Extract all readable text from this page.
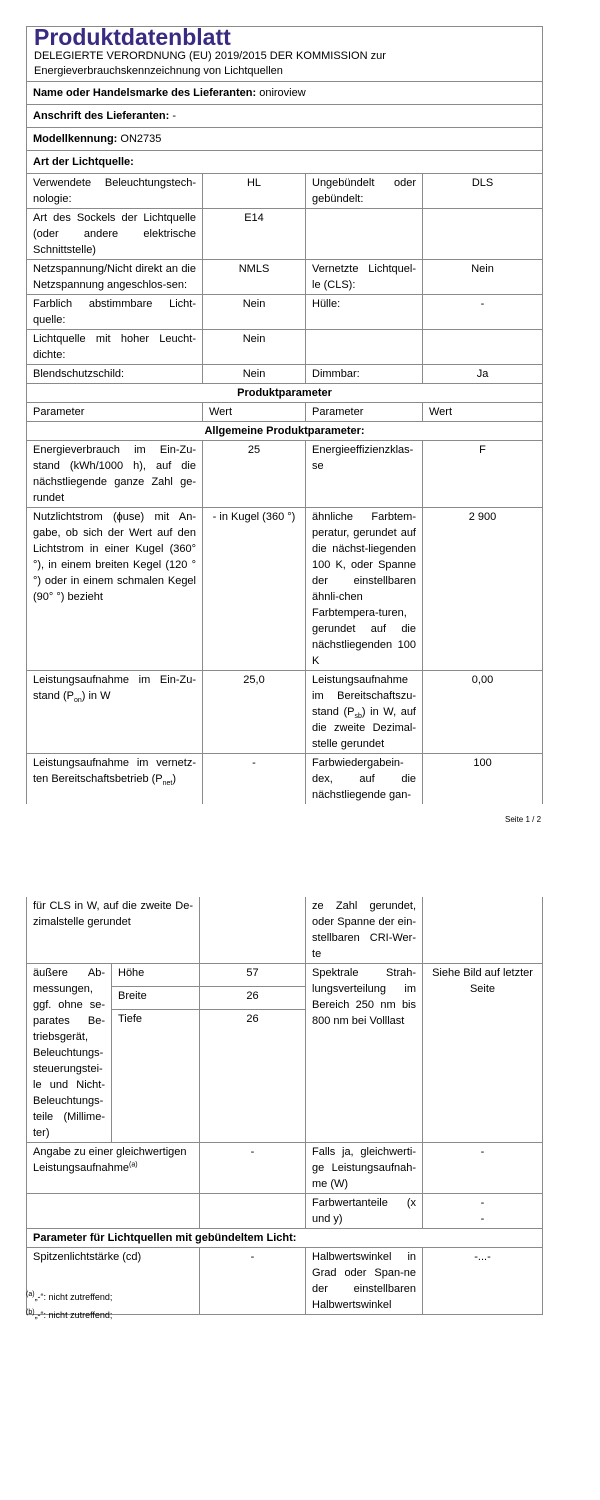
Produktdatenblatt
DELEGIERTE VERORDNUNG (EU) 2019/2015 DER KOMMISSION zur Energieverbrauchskennzeichnung von Lichtquellen			

Name oder Handelsmarke des Lieferanten: oniroview			
Anschrift des Lieferanten: -			
Modellkennung: ON2735			
Art der Lichtquelle:			
Verwendete Beleuchtungstech-nologie:	HL	Ungebündelt oder gebündelt:	DLS
Art des Sockels der Lichtquelle (oder andere elektrische Schnittstelle)	E14		
Netzspannung/Nicht direkt an die Netzspannung angeschlos-sen:	NMLS	Vernetzte Lichtquel-le (CLS):	Nein
Farblich abstimmbare Licht-quelle:	Nein	Hülle:	-
Lichtquelle mit hoher Leucht-dichte:	Nein		
Blendschutzschild:	Nein	Dimmbar:	Ja
Produktparameter			
Parameter	Wert	Parameter	Wert
Allgemeine Produktparameter:			
Energieverbrauch im Ein-Zu-stand (kWh/1000 h), auf die nächstliegende ganze Zahl ge-rundet	25	Energieeffizienzklas-se	F
Nutzlichtstrom (ɸuse) mit An-gabe, ob sich der Wert auf den Lichtstrom in einer Kugel (360° °), in einem breiten Kegel (120 °°) oder in einem schmalen Kegel (90° °) bezieht	- in Kugel (360 °)	ähnliche Farbtem-peratur, gerundet auf die nächst-liegenden 100 K, oder Spanne der einstellbaren ähnli-chen Farbtempera-turen, gerundet auf die nächstliegenden 100 K	2 900
Leistungsaufnahme im Ein-Zu-stand $(P_{on})$ in W	25,0	Leistungsaufnahme im Bereitschaftszu-stand $(P_{sb})$ in W, auf die zweite Dezimal-stelle gerundet	0,00
Leistungsaufnahme im vernetz-ten Bereitschaftsbetrieb $(P_{net})$	-	Farbwiedergabein-dex, auf die nächstliegende gan-	100
Seite 1 / 2
für CLS in W, auf die zweite De-zimalstelle gerundet			ze Zahl gerundet, oder Spanne der ein-stellbaren CRI-Wer-te	
äußere Ab-messungen, ggf. ohne se-parates Be-triebsgerät, Beleuchtungs-steuerungstei-le und Nicht-Beleuchtungs-teile (Millime-ter)	Höhe	57	Spektrale Strah-lungsverteilung im Bereich 250 nm bis 800 nm bei Volllast	Siehe Bild auf letzter Seite
	Breite	26		
	Tiefe	26		
Angabe zu einer gleichwertigen Leistungsaufnahme$^{(a)}$		-	Falls ja, gleichwerti-ge Leistungsaufnah-me (W)	-
			Farbwertanteile (x und y)	-
-

Parameter für Lichtquellen mit gebündeltem Licht:				
Spitzenlichtstärke (cd)		-	Halbwertswinkel in Grad oder Span-ne der einstellbaren Halbwertswinkel	-...-
$^{(a)}$„-“: nicht zutreffend;
$^{(b)}$„-“: nicht zutreffend;
